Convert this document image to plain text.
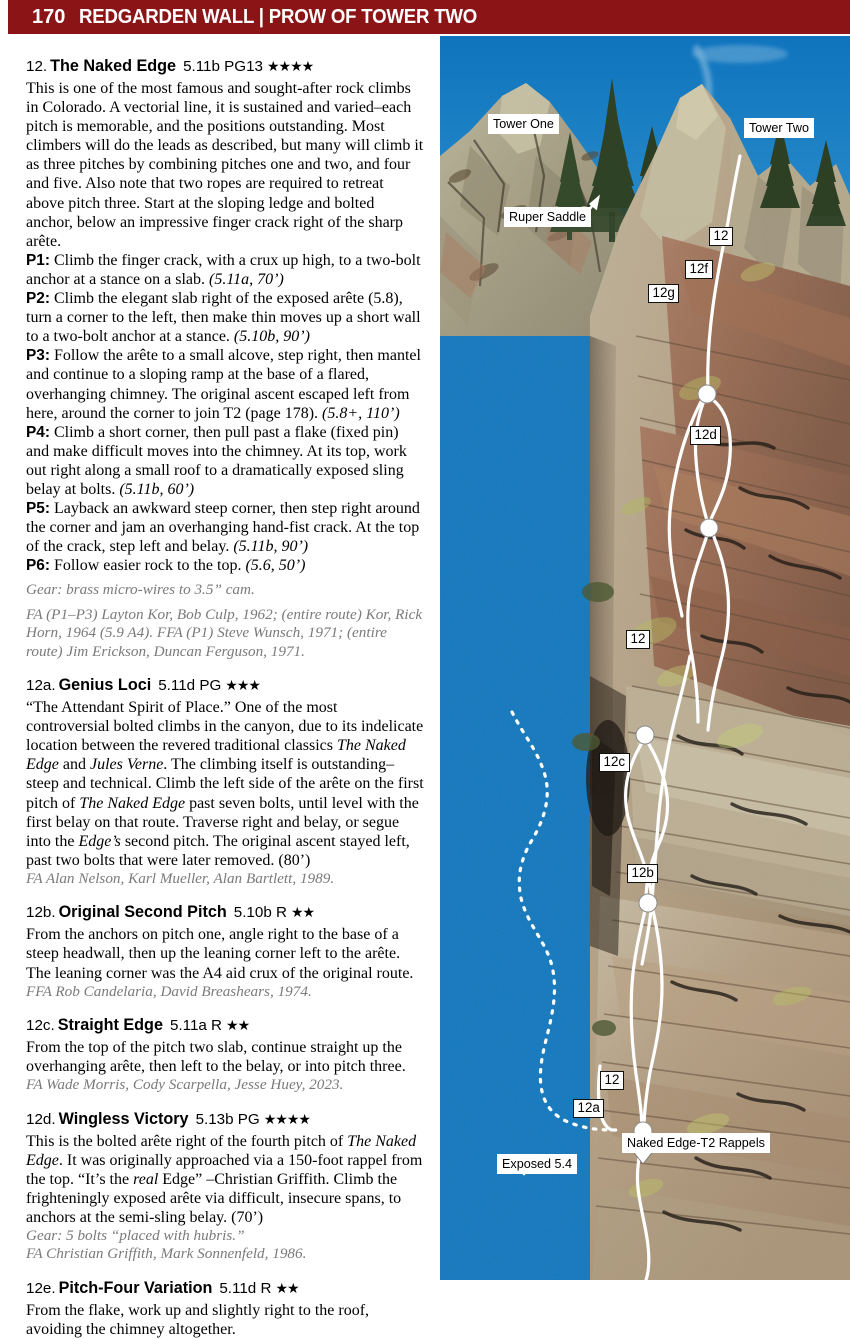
170 REDGARDEN WALL | PROW OF TOWER TWO
12. The Naked Edge 5.11b PG13 ★★★★

This is one of the most famous and sought-after rock climbs in Colorado. A vectorial line, it is sustained and varied–each pitch is memorable, and the positions outstanding. Most climbers will do the leads as described, but many will climb it as three pitches by combining pitches one and two, and four and five. Also note that two ropes are required to retreat above pitch three. Start at the sloping ledge and bolted anchor, below an impressive finger crack right of the sharp arête.

P1: Climb the finger crack, with a crux up high, to a two-bolt anchor at a stance on a slab. (5.11a, 70’)

P2: Climb the elegant slab right of the exposed arête (5.8), turn a corner to the left, then make thin moves up a short wall to a two-bolt anchor at a stance. (5.10b, 90’)

P3: Follow the arête to a small alcove, step right, then mantel and continue to a sloping ramp at the base of a flared, overhanging chimney. The original ascent escaped left from here, around the corner to join T2 (page 178). (5.8+, 110’)

P4: Climb a short corner, then pull past a flake (fixed pin) and make difficult moves into the chimney. At its top, work out right along a small roof to a dramatically exposed sling belay at bolts. (5.11b, 60’)

P5: Layback an awkward steep corner, then step right around the corner and jam an overhanging hand-fist crack. At the top of the crack, step left and belay. (5.11b, 90’)

P6: Follow easier rock to the top. (5.6, 50’)

Gear: brass micro-wires to 3.5” cam.

FA (P1–P3) Layton Kor, Bob Culp, 1962; (entire route) Kor, Rick Horn, 1964 (5.9 A4). FFA (P1) Steve Wunsch, 1971; (entire route) Jim Erickson, Duncan Ferguson, 1971.

12a. Genius Loci 5.11d PG ★★★

“The Attendant Spirit of Place.” One of the most controversial bolted climbs in the canyon, due to its indelicate location between the revered traditional classics The Naked Edge and Jules Verne. The climbing itself is outstanding–steep and technical. Climb the left side of the arête on the first pitch of The Naked Edge past seven bolts, until level with the first belay on that route. Traverse right and belay, or segue into the Edge’s second pitch. The original ascent stayed left, past two bolts that were later removed. (80’)

FA Alan Nelson, Karl Mueller, Alan Bartlett, 1989.

12b. Original Second Pitch 5.10b R ★★

From the anchors on pitch one, angle right to the base of a steep headwall, then up the leaning corner left to the arête. The leaning corner was the A4 aid crux of the original route.

FFA Rob Candelaria, David Breashears, 1974.

12c. Straight Edge 5.11a R ★★

From the top of the pitch two slab, continue straight up the overhanging arête, then left to the belay, or into pitch three.

FA Wade Morris, Cody Scarpella, Jesse Huey, 2023.

12d. Wingless Victory 5.13b PG ★★★★

This is the bolted arête right of the fourth pitch of The Naked Edge. It was originally approached via a 150-foot rappel from the top. “It’s the real Edge” –Christian Griffith. Climb the frighteningly exposed arête via difficult, insecure spans, to anchors at the semi-sling belay. (70’)

Gear: 5 bolts “placed with hubris.”

FA Christian Griffith, Mark Sonnenfeld, 1986.

12e. Pitch-Four Variation 5.11d R ★★

From the flake, work up and slightly right to the roof, avoiding the chimney altogether.

Tower One	Tower Two
Ruper Saddle
12
12f
12g
12d
12
12c
12b
12
12a
Naked Edge-T2 Rappels
Exposed 5.4
